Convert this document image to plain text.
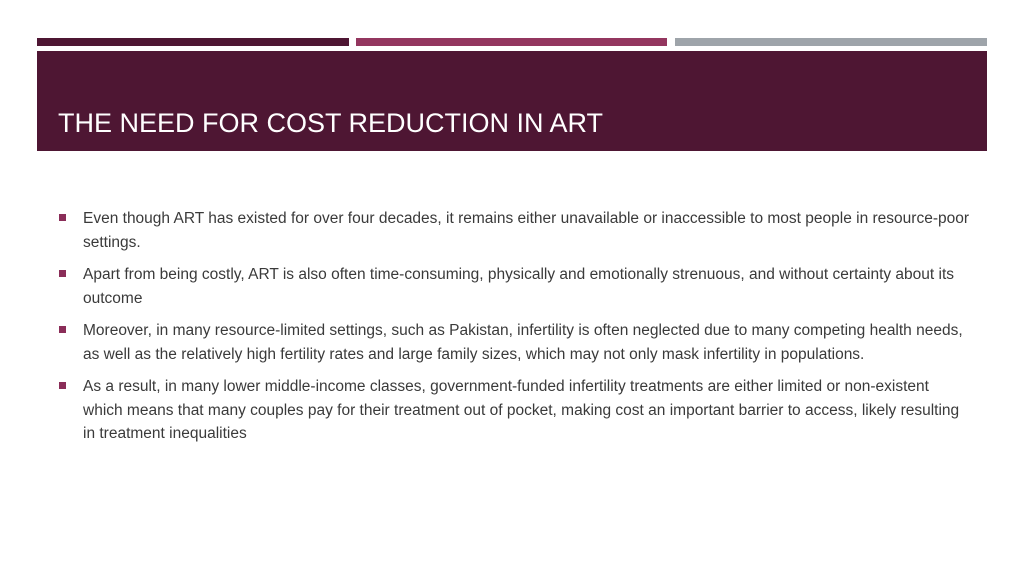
THE NEED FOR COST REDUCTION IN ART
Even though ART has existed for over four decades, it remains either unavailable or inaccessible to most people in resource-poor settings.
Apart from being costly, ART is also often time-consuming, physically and emotionally strenuous, and without certainty about its outcome
Moreover, in many resource-limited settings, such as Pakistan, infertility is often neglected due to many competing health needs, as well as the relatively high fertility rates and large family sizes, which may not only mask infertility in populations.
As a result, in many lower middle-income classes, government-funded infertility treatments are either limited or non-existent which means that many couples pay for their treatment out of pocket, making cost an important barrier to access, likely resulting in treatment inequalities
